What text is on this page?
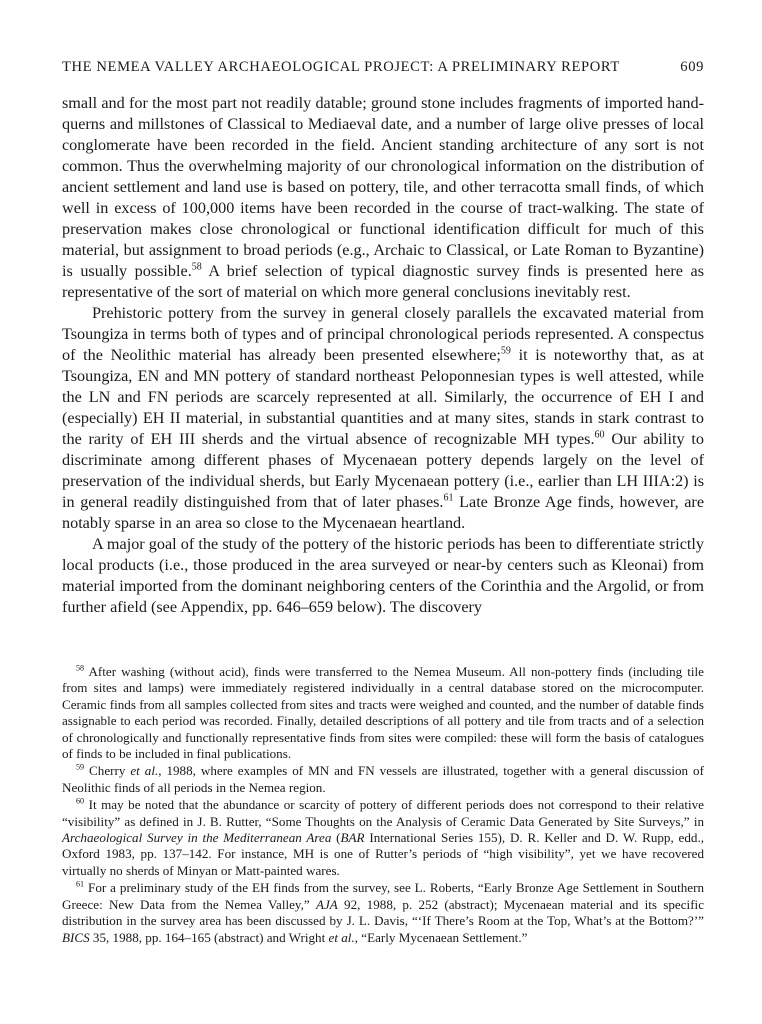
THE NEMEA VALLEY ARCHAEOLOGICAL PROJECT: A PRELIMINARY REPORT	609

small and for the most part not readily datable; ground stone includes fragments of imported hand-querns and millstones of Classical to Mediaeval date, and a number of large olive presses of local conglomerate have been recorded in the field. Ancient standing architecture of any sort is not common. Thus the overwhelming majority of our chronological information on the distribution of ancient settlement and land use is based on pottery, tile, and other terracotta small finds, of which well in excess of 100,000 items have been recorded in the course of tract-walking. The state of preservation makes close chronological or functional identification difficult for much of this material, but assignment to broad periods (e.g., Archaic to Classical, or Late Roman to Byzantine) is usually possible.$^{58}$ A brief selection of typical diagnostic survey finds is presented here as representative of the sort of material on which more general conclusions inevitably rest.

Prehistoric pottery from the survey in general closely parallels the excavated material from Tsoungiza in terms both of types and of principal chronological periods represented. A conspectus of the Neolithic material has already been presented elsewhere;$^{59}$ it is noteworthy that, as at Tsoungiza, EN and MN pottery of standard northeast Peloponnesian types is well attested, while the LN and FN periods are scarcely represented at all. Similarly, the occurrence of EH I and (especially) EH II material, in substantial quantities and at many sites, stands in stark contrast to the rarity of EH III sherds and the virtual absence of recognizable MH types.$^{60}$ Our ability to discriminate among different phases of Mycenaean pottery depends largely on the level of preservation of the individual sherds, but Early Mycenaean pottery (i.e., earlier than LH IIIA:2) is in general readily distinguished from that of later phases.$^{61}$ Late Bronze Age finds, however, are notably sparse in an area so close to the Mycenaean heartland.

A major goal of the study of the pottery of the historic periods has been to differentiate strictly local products (i.e., those produced in the area surveyed or near-by centers such as Kleonai) from material imported from the dominant neighboring centers of the Corinthia and the Argolid, or from further afield (see Appendix, pp. 646–659 below). The discovery

$^{58}$ After washing (without acid), finds were transferred to the Nemea Museum. All non-pottery finds (including tile from sites and lamps) were immediately registered individually in a central database stored on the microcomputer. Ceramic finds from all samples collected from sites and tracts were weighed and counted, and the number of datable finds assignable to each period was recorded. Finally, detailed descriptions of all pottery and tile from tracts and of a selection of chronologically and functionally representative finds from sites were compiled: these will form the basis of catalogues of finds to be included in final publications.

$^{59}$ Cherry et al., 1988, where examples of MN and FN vessels are illustrated, together with a general discussion of Neolithic finds of all periods in the Nemea region.

$^{60}$ It may be noted that the abundance or scarcity of pottery of different periods does not correspond to their relative “visibility” as defined in J. B. Rutter, “Some Thoughts on the Analysis of Ceramic Data Generated by Site Surveys,” in Archaeological Survey in the Mediterranean Area (BAR International Series 155), D. R. Keller and D. W. Rupp, edd., Oxford 1983, pp. 137–142. For instance, MH is one of Rutter’s periods of “high visibility”, yet we have recovered virtually no sherds of Minyan or Matt-painted wares.

$^{61}$ For a preliminary study of the EH finds from the survey, see L. Roberts, “Early Bronze Age Settlement in Southern Greece: New Data from the Nemea Valley,” AJA 92, 1988, p. 252 (abstract); Mycenaean material and its specific distribution in the survey area has been discussed by J. L. Davis, “‘If There’s Room at the Top, What’s at the Bottom?’” BICS 35, 1988, pp. 164–165 (abstract) and Wright et al., “Early Mycenaean Settlement.”
